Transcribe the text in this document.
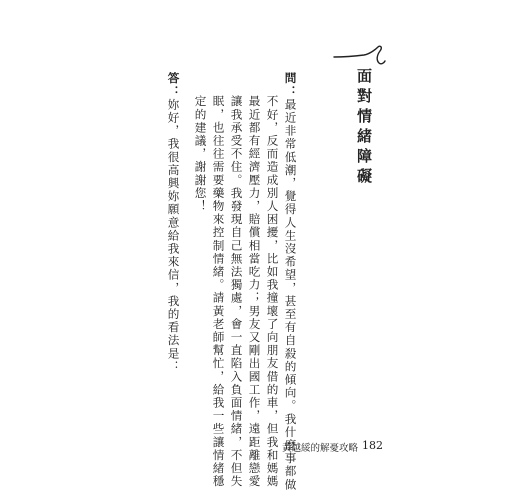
面對情緒障礙
問：最近非常低潮，覺得人生沒希望，甚至有自殺的傾向。我什麼事都做
不好，反而造成別人困擾，比如我撞壞了向朋友借的車，但我和媽媽
最近都有經濟壓力，賠償相當吃力；男友又剛出國工作，遠距離戀愛
讓我承受不住。我發現自己無法獨處，會一直陷入負面情緒，不但失
眠，也往往需要藥物來控制情緒。請黃老師幫忙，給我一些讓情緒穩
定的建議，謝謝您！
答：妳好，我很高興妳願意給我來信，我的看法是：
黃越綏的解憂攻略 182
